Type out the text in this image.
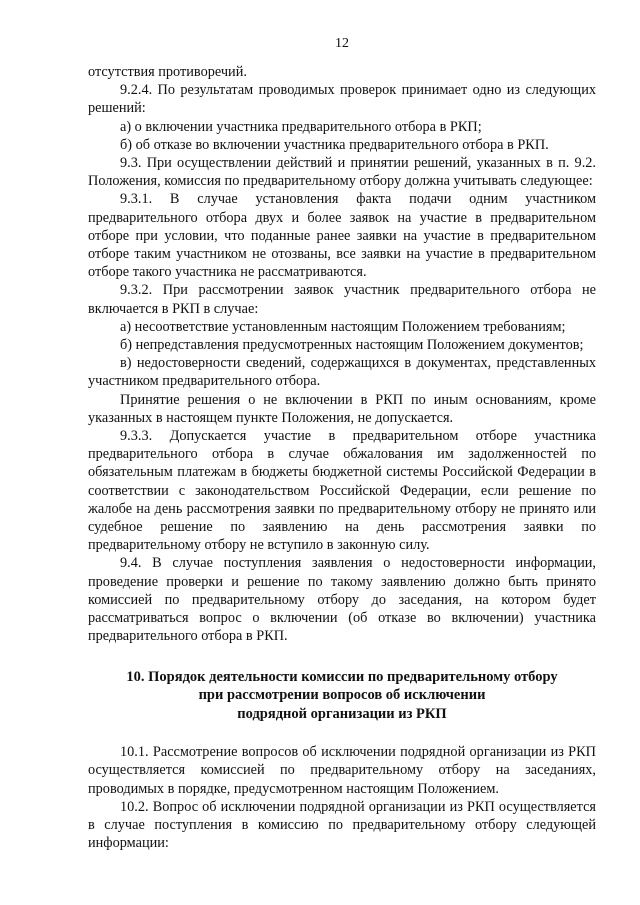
12

отсутствия противоречий.

9.2.4. По результатам проводимых проверок принимает одно из следующих решений:

а) о включении участника предварительного отбора в РКП;

б) об отказе во включении участника предварительного отбора в РКП.

9.3. При осуществлении действий и принятии решений, указанных в п. 9.2. Положения, комиссия по предварительному отбору должна учитывать следующее:

9.3.1. В случае установления факта подачи одним участником предварительного отбора двух и более заявок на участие в предварительном отборе при условии, что поданные ранее заявки на участие в предварительном отборе таким участником не отозваны, все заявки на участие в предварительном отборе такого участника не рассматриваются.

9.3.2. При рассмотрении заявок участник предварительного отбора не включается в РКП в случае:

а) несоответствие установленным настоящим Положением требованиям;

б) непредставления предусмотренных настоящим Положением документов;

в) недостоверности сведений, содержащихся в документах, представленных участником предварительного отбора.

Принятие решения о не включении в РКП по иным основаниям, кроме указанных в настоящем пункте Положения, не допускается.

9.3.3. Допускается участие в предварительном отборе участника предварительного отбора в случае обжалования им задолженностей по обязательным платежам в бюджеты бюджетной системы Российской Федерации в соответствии с законодательством Российской Федерации, если решение по жалобе на день рассмотрения заявки по предварительному отбору не принято или судебное решение по заявлению на день рассмотрения заявки по предварительному отбору не вступило в законную силу.

9.4. В случае поступления заявления о недостоверности информации, проведение проверки и решение по такому заявлению должно быть принято комиссией по предварительному отбору до заседания, на котором будет рассматриваться вопрос о включении (об отказе во включении) участника предварительного отбора в РКП.

10. Порядок деятельности комиссии по предварительному отбору
при рассмотрении вопросов об исключении
подрядной организации из РКП

10.1. Рассмотрение вопросов об исключении подрядной организации из РКП осуществляется комиссией по предварительному отбору на заседаниях, проводимых в порядке, предусмотренном настоящим Положением.

10.2. Вопрос об исключении подрядной организации из РКП осуществляется в случае поступления в комиссию по предварительному отбору следующей информации:
